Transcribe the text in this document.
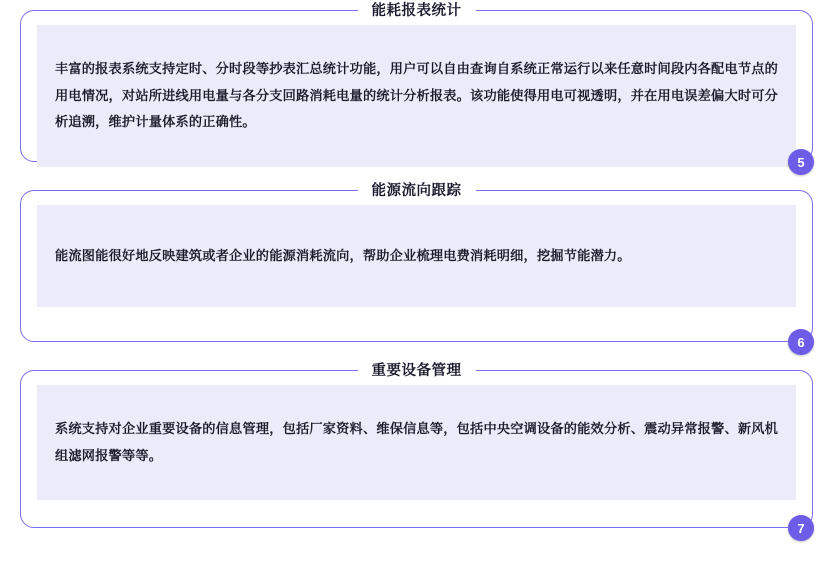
能耗报表统计

丰富的报表系统支持定时、分时段等抄表汇总统计功能，用户可以自由查询自系统正常运行以来任意时间段内各配电节点的用电情况，对站所进线用电量与各分支回路消耗电量的统计分析报表。该功能使得用电可视透明，并在用电误差偏大时可分析追溯，维护计量体系的正确性。

5
能源流向跟踪

能流图能很好地反映建筑或者企业的能源消耗流向，帮助企业梳理电费消耗明细，挖掘节能潜力。

6
重要设备管理

系统支持对企业重要设备的信息管理，包括厂家资料、维保信息等，包括中央空调设备的能效分析、震动异常报警、新风机组滤网报警等等。

7
